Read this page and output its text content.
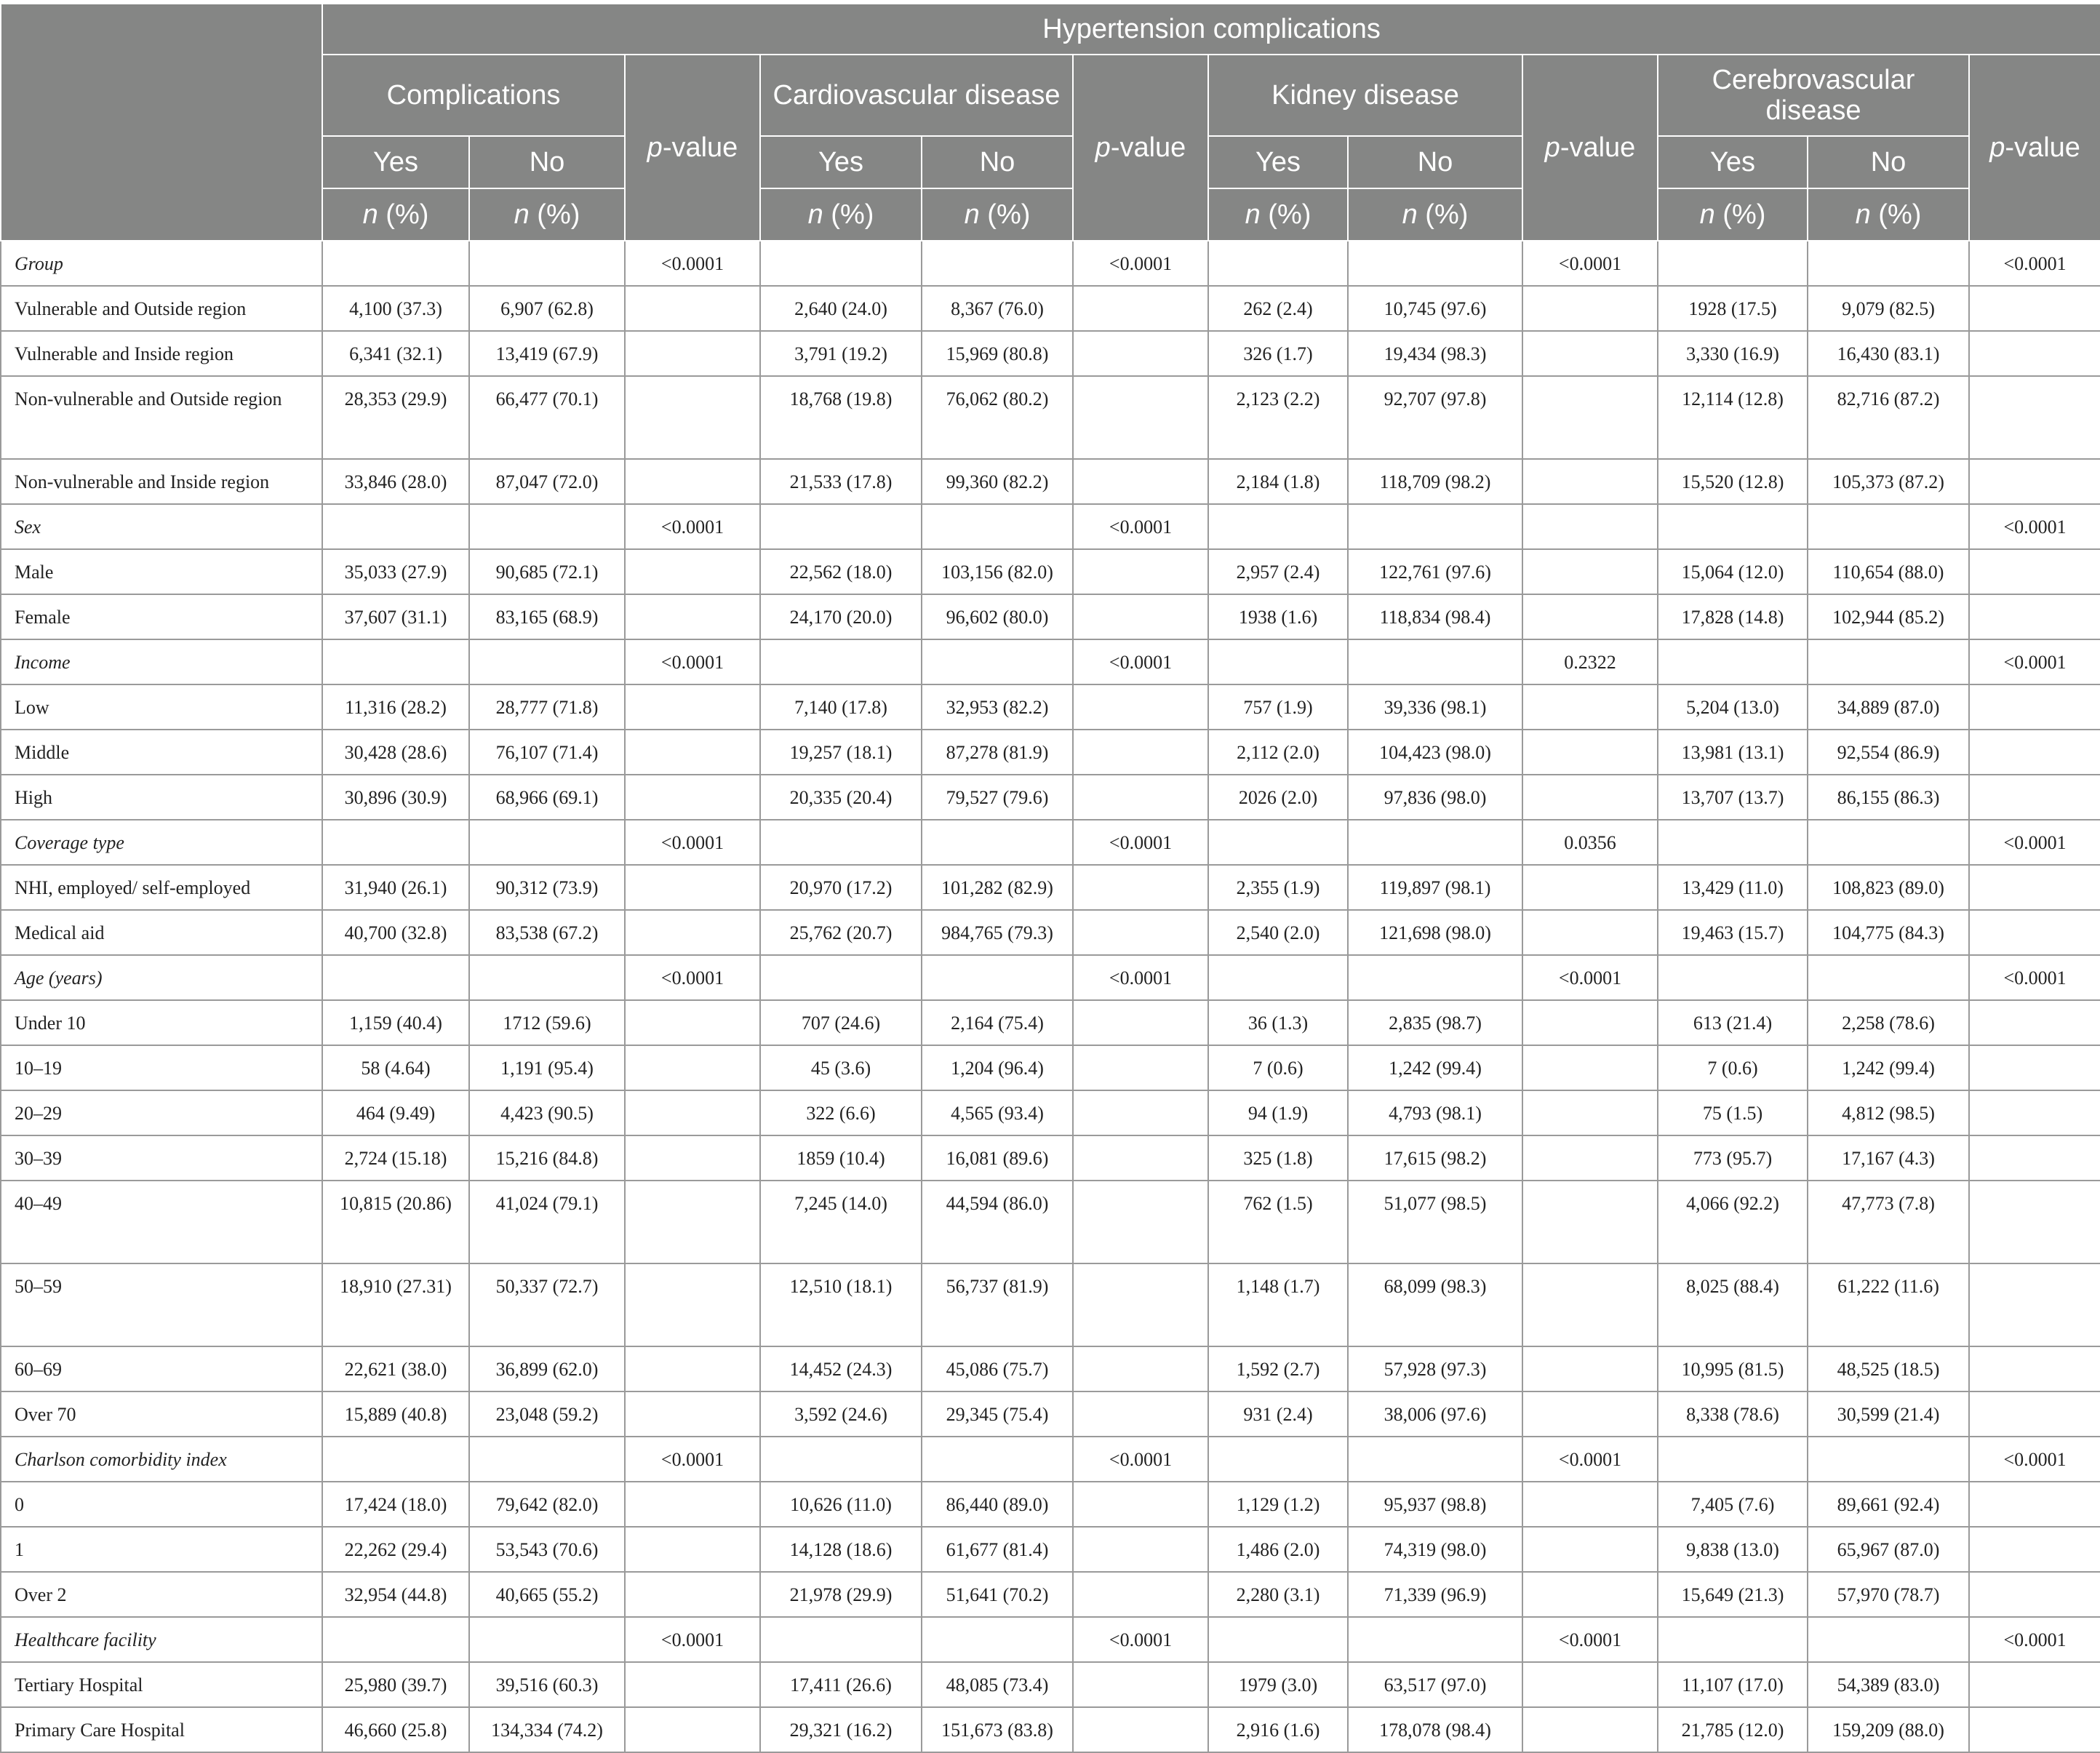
	Hypertension complications											
	Complications		p-value	Cardiovascular disease		p-value	Kidney disease		p-value	Cerebrovascular disease		p-value
	Yes	No		Yes	No		Yes	No		Yes	No	
	n (%)	n (%)		n (%)	n (%)		n (%)	n (%)		n (%)	n (%)	
Group			<0.0001			<0.0001			<0.0001			<0.0001
Vulnerable and Outside region	4,100 (37.3)	6,907 (62.8)		2,640 (24.0)	8,367 (76.0)		262 (2.4)	10,745 (97.6)		1928 (17.5)	9,079 (82.5)	
Vulnerable and Inside region	6,341 (32.1)	13,419 (67.9)		3,791 (19.2)	15,969 (80.8)		326 (1.7)	19,434 (98.3)		3,330 (16.9)	16,430 (83.1)	
Non-vulnerable and Outside region	28,353 (29.9)	66,477 (70.1)		18,768 (19.8)	76,062 (80.2)		2,123 (2.2)	92,707 (97.8)		12,114 (12.8)	82,716 (87.2)	
Non-vulnerable and Inside region	33,846 (28.0)	87,047 (72.0)		21,533 (17.8)	99,360 (82.2)		2,184 (1.8)	118,709 (98.2)		15,520 (12.8)	105,373 (87.2)	
Sex			<0.0001			<0.0001						<0.0001
Male	35,033 (27.9)	90,685 (72.1)		22,562 (18.0)	103,156 (82.0)		2,957 (2.4)	122,761 (97.6)		15,064 (12.0)	110,654 (88.0)	
Female	37,607 (31.1)	83,165 (68.9)		24,170 (20.0)	96,602 (80.0)		1938 (1.6)	118,834 (98.4)		17,828 (14.8)	102,944 (85.2)	
Income			<0.0001			<0.0001			0.2322			<0.0001
Low	11,316 (28.2)	28,777 (71.8)		7,140 (17.8)	32,953 (82.2)		757 (1.9)	39,336 (98.1)		5,204 (13.0)	34,889 (87.0)	
Middle	30,428 (28.6)	76,107 (71.4)		19,257 (18.1)	87,278 (81.9)		2,112 (2.0)	104,423 (98.0)		13,981 (13.1)	92,554 (86.9)	
High	30,896 (30.9)	68,966 (69.1)		20,335 (20.4)	79,527 (79.6)		2026 (2.0)	97,836 (98.0)		13,707 (13.7)	86,155 (86.3)	
Coverage type			<0.0001			<0.0001			0.0356			<0.0001
NHI, employed/ self-employed	31,940 (26.1)	90,312 (73.9)		20,970 (17.2)	101,282 (82.9)		2,355 (1.9)	119,897 (98.1)		13,429 (11.0)	108,823 (89.0)	
Medical aid	40,700 (32.8)	83,538 (67.2)		25,762 (20.7)	984,765 (79.3)		2,540 (2.0)	121,698 (98.0)		19,463 (15.7)	104,775 (84.3)	
Age (years)			<0.0001			<0.0001			<0.0001			<0.0001
Under 10	1,159 (40.4)	1712 (59.6)		707 (24.6)	2,164 (75.4)		36 (1.3)	2,835 (98.7)		613 (21.4)	2,258 (78.6)	
10–19	58 (4.64)	1,191 (95.4)		45 (3.6)	1,204 (96.4)		7 (0.6)	1,242 (99.4)		7 (0.6)	1,242 (99.4)	
20–29	464 (9.49)	4,423 (90.5)		322 (6.6)	4,565 (93.4)		94 (1.9)	4,793 (98.1)		75 (1.5)	4,812 (98.5)	
30–39	2,724 (15.18)	15,216 (84.8)		1859 (10.4)	16,081 (89.6)		325 (1.8)	17,615 (98.2)		773 (95.7)	17,167 (4.3)	
40–49	10,815 (20.86)	41,024 (79.1)		7,245 (14.0)	44,594 (86.0)		762 (1.5)	51,077 (98.5)		4,066 (92.2)	47,773 (7.8)	
50–59	18,910 (27.31)	50,337 (72.7)		12,510 (18.1)	56,737 (81.9)		1,148 (1.7)	68,099 (98.3)		8,025 (88.4)	61,222 (11.6)	
60–69	22,621 (38.0)	36,899 (62.0)		14,452 (24.3)	45,086 (75.7)		1,592 (2.7)	57,928 (97.3)		10,995 (81.5)	48,525 (18.5)	
Over 70	15,889 (40.8)	23,048 (59.2)		3,592 (24.6)	29,345 (75.4)		931 (2.4)	38,006 (97.6)		8,338 (78.6)	30,599 (21.4)	
Charlson comorbidity index			<0.0001			<0.0001			<0.0001			<0.0001
0	17,424 (18.0)	79,642 (82.0)		10,626 (11.0)	86,440 (89.0)		1,129 (1.2)	95,937 (98.8)		7,405 (7.6)	89,661 (92.4)	
1	22,262 (29.4)	53,543 (70.6)		14,128 (18.6)	61,677 (81.4)		1,486 (2.0)	74,319 (98.0)		9,838 (13.0)	65,967 (87.0)	
Over 2	32,954 (44.8)	40,665 (55.2)		21,978 (29.9)	51,641 (70.2)		2,280 (3.1)	71,339 (96.9)		15,649 (21.3)	57,970 (78.7)	
Healthcare facility			<0.0001			<0.0001			<0.0001			<0.0001
Tertiary Hospital	25,980 (39.7)	39,516 (60.3)		17,411 (26.6)	48,085 (73.4)		1979 (3.0)	63,517 (97.0)		11,107 (17.0)	54,389 (83.0)	
Primary Care Hospital	46,660 (25.8)	134,334 (74.2)		29,321 (16.2)	151,673 (83.8)		2,916 (1.6)	178,078 (98.4)		21,785 (12.0)	159,209 (88.0)	
